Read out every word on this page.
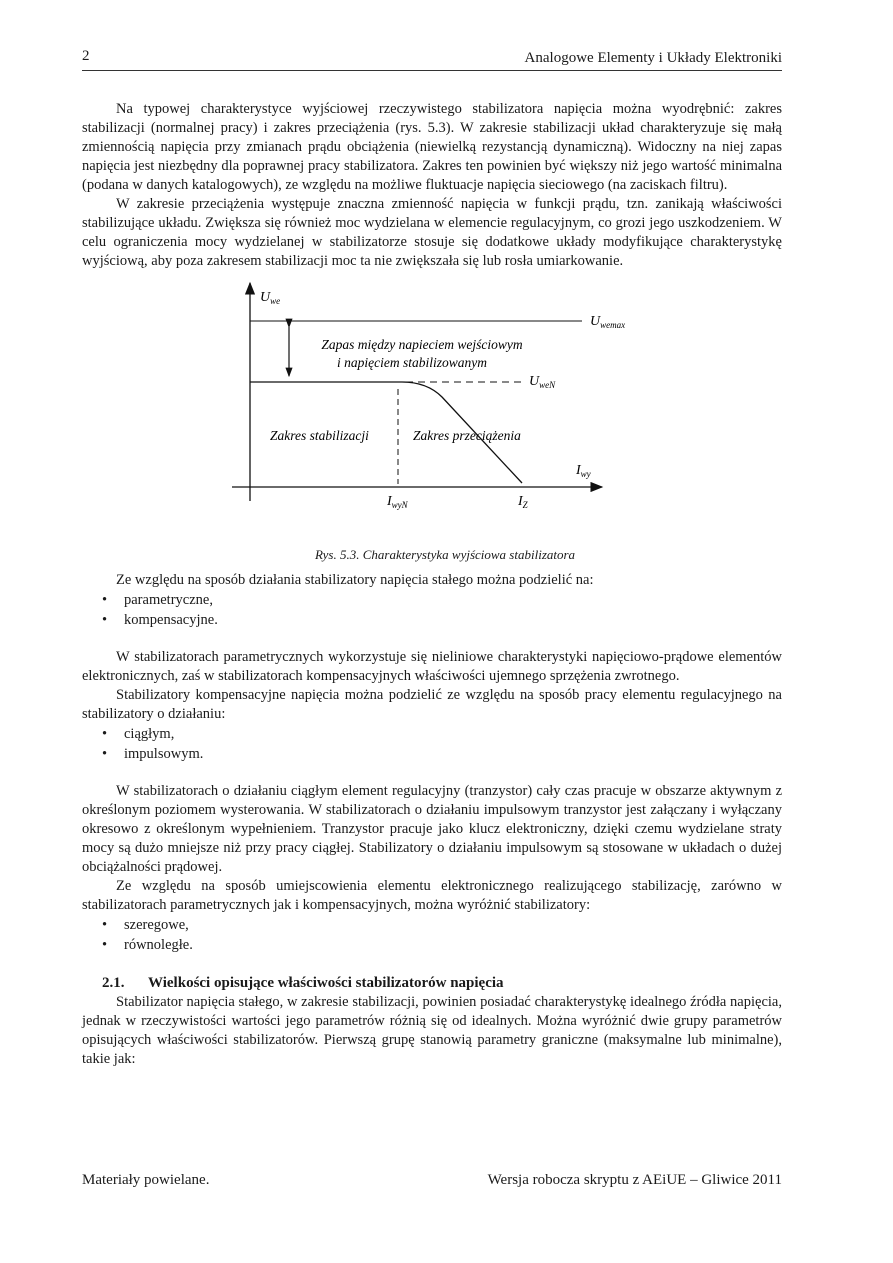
2	Analogowe Elementy i Układy Elektroniki

Na typowej charakterystyce wyjściowej rzeczywistego stabilizatora napięcia można wyodrębnić: zakres stabilizacji (normalnej pracy) i zakres przeciążenia (rys. 5.3). W zakresie stabilizacji układ charakteryzuje się małą zmiennością napięcia przy zmianach prądu obciążenia (niewielką rezystancją dynamiczną). Widoczny na niej zapas napięcia jest niezbędny dla poprawnej pracy stabilizatora. Zakres ten powinien być większy niż jego wartość minimalna (podana w danych katalogowych), ze względu na możliwe fluktuacje napięcia sieciowego (na zaciskach filtru).

W zakresie przeciążenia występuje znaczna zmienność napięcia w funkcji prądu, tzn. zanikają właściwości stabilizujące układu. Zwiększa się również moc wydzielana w elemencie regulacyjnym, co grozi jego uszkodzeniem. W celu ograniczenia mocy wydzielanej w stabilizatorze stosuje się dodatkowe układy modyfikujące charakterystykę wyjściową, aby poza zakresem stabilizacji moc ta nie zwiększała się lub rosła umiarkowanie.

$U_{we}$
$U_{wemax}$
$U_{weN}$
$I_{wy}$
$I_{wyN}$	$I_Z$
Zapas między napieciem wejściowym
i napięciem stabilizowanym
Zakres stabilizacji	Zakres przeciążenia
Rys. 5.3. Charakterystyka wyjściowa stabilizatora

Ze względu na sposób działania stabilizatory napięcia stałego można podzielić na:

• parametryczne,
• kompensacyjne.

W stabilizatorach parametrycznych wykorzystuje się nieliniowe charakterystyki napięciowo-prądowe elementów elektronicznych, zaś w stabilizatorach kompensacyjnych właściwości ujemnego sprzężenia zwrotnego.

Stabilizatory kompensacyjne napięcia można podzielić ze względu na sposób pracy elementu regulacyjnego na stabilizatory o działaniu:

• ciągłym,
• impulsowym.

W stabilizatorach o działaniu ciągłym element regulacyjny (tranzystor) cały czas pracuje w obszarze aktywnym z określonym poziomem wysterowania. W stabilizatorach o działaniu impulsowym tranzystor jest załączany i wyłączany okresowo z określonym wypełnieniem. Tranzystor pracuje jako klucz elektroniczny, dzięki czemu wydzielane straty mocy są dużo mniejsze niż przy pracy ciągłej. Stabilizatory o działaniu impulsowym są stosowane w układach o dużej obciążalności prądowej.

Ze względu na sposób umiejscowienia elementu elektronicznego realizującego stabilizację, zarówno w stabilizatorach parametrycznych jak i kompensacyjnych, można wyróżnić stabilizatory:

• szeregowe,
• równoległe.
2.1. Wielkości opisujące właściwości stabilizatorów napięcia

Stabilizator napięcia stałego, w zakresie stabilizacji, powinien posiadać charakterystykę idealnego źródła napięcia, jednak w rzeczywistości wartości jego parametrów różnią się od idealnych. Można wyróżnić dwie grupy parametrów opisujących właściwości stabilizatorów. Pierwszą grupę stanowią parametry graniczne (maksymalne lub minimalne), takie jak:

Materiały powielane.	Wersja robocza skryptu z AEiUE – Gliwice 2011
